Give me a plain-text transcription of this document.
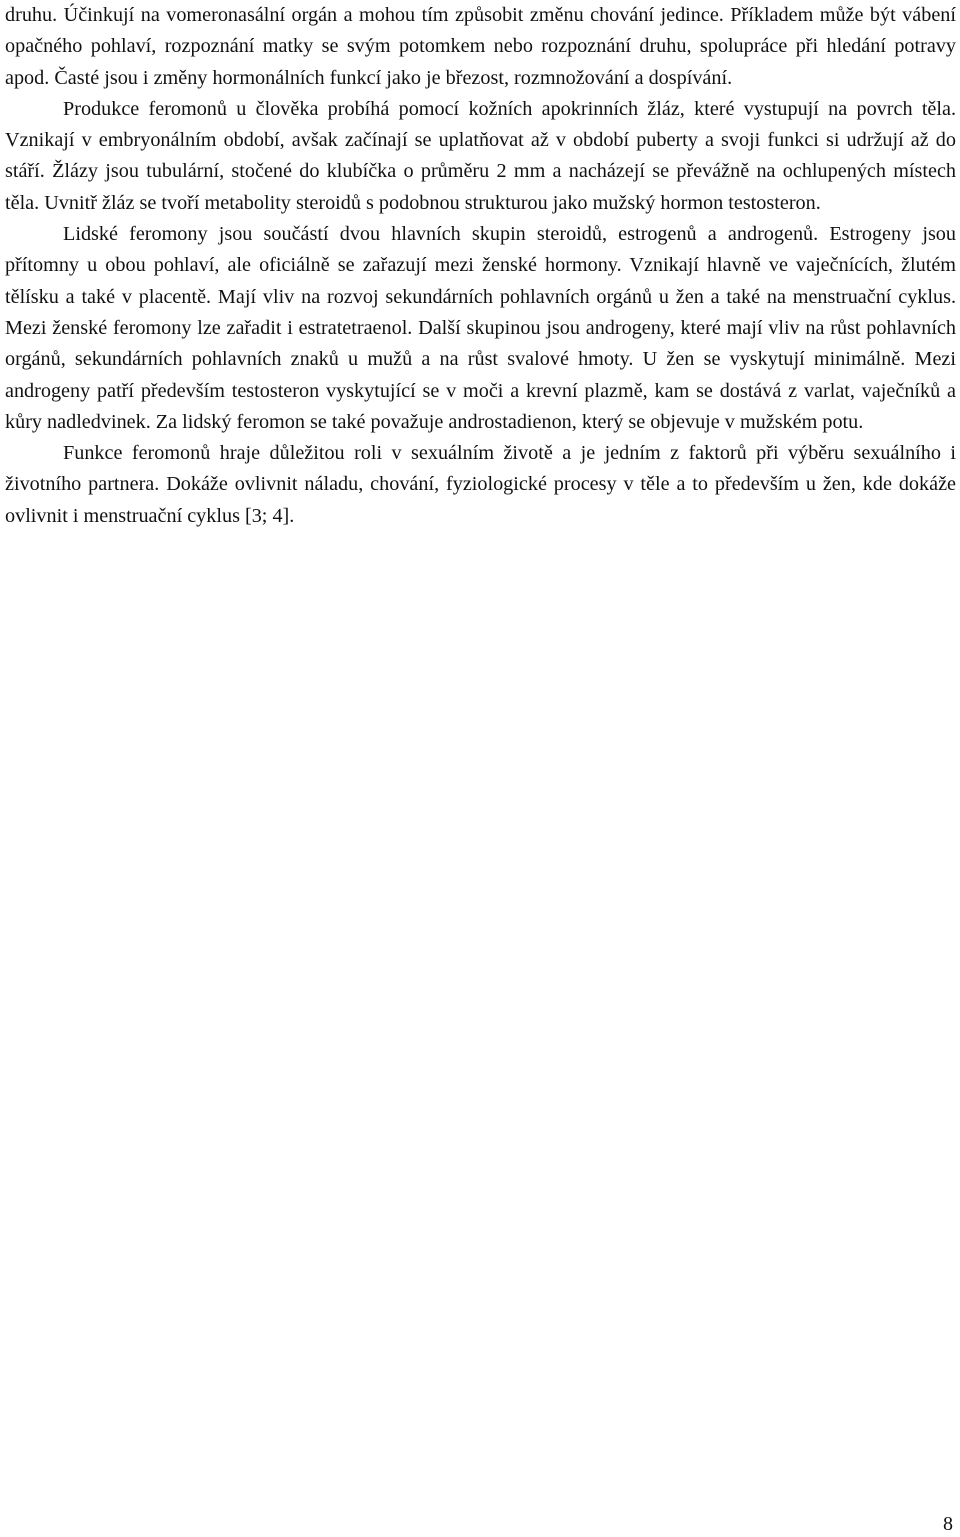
druhu. Účinkují na vomeronasální orgán a mohou tím způsobit změnu chování jedince. Příkladem může být vábení opačného pohlaví, rozpoznání matky se svým potomkem nebo rozpoznání druhu, spolupráce při hledání potravy apod. Časté jsou i změny hormonálních funkcí jako je březost, rozmnožování a dospívání.

Produkce feromonů u člověka probíhá pomocí kožních apokrinních žláz, které vystupují na povrch těla. Vznikají v embryonálním období, avšak začínají se uplatňovat až v období puberty a svoji funkci si udržují až do stáří. Žlázy jsou tubulární, stočené do klubíčka o průměru 2 mm a nacházejí se převážně na ochlupených místech těla. Uvnitř žláz se tvoří metabolity steroidů s podobnou strukturou jako mužský hormon testosteron.

Lidské feromony jsou součástí dvou hlavních skupin steroidů, estrogenů a androgenů. Estrogeny jsou přítomny u obou pohlaví, ale oficiálně se zařazují mezi ženské hormony. Vznikají hlavně ve vaječnících, žlutém tělísku a také v placentě. Mají vliv na rozvoj sekundárních pohlavních orgánů u žen a také na menstruační cyklus. Mezi ženské feromony lze zařadit i estratetraenol. Další skupinou jsou androgeny, které mají vliv na růst pohlavních orgánů, sekundárních pohlavních znaků u mužů a na růst svalové hmoty. U žen se vyskytují minimálně. Mezi androgeny patří především testosteron vyskytující se v moči a krevní plazmě, kam se dostává z varlat, vaječníků a kůry nadledvinek. Za lidský feromon se také považuje androstadienon, který se objevuje v mužském potu.

Funkce feromonů hraje důležitou roli v sexuálním životě a je jedním z faktorů při výběru sexuálního i životního partnera. Dokáže ovlivnit náladu, chování, fyziologické procesy v těle a to především u žen, kde dokáže ovlivnit i menstruační cyklus [3; 4].

8
